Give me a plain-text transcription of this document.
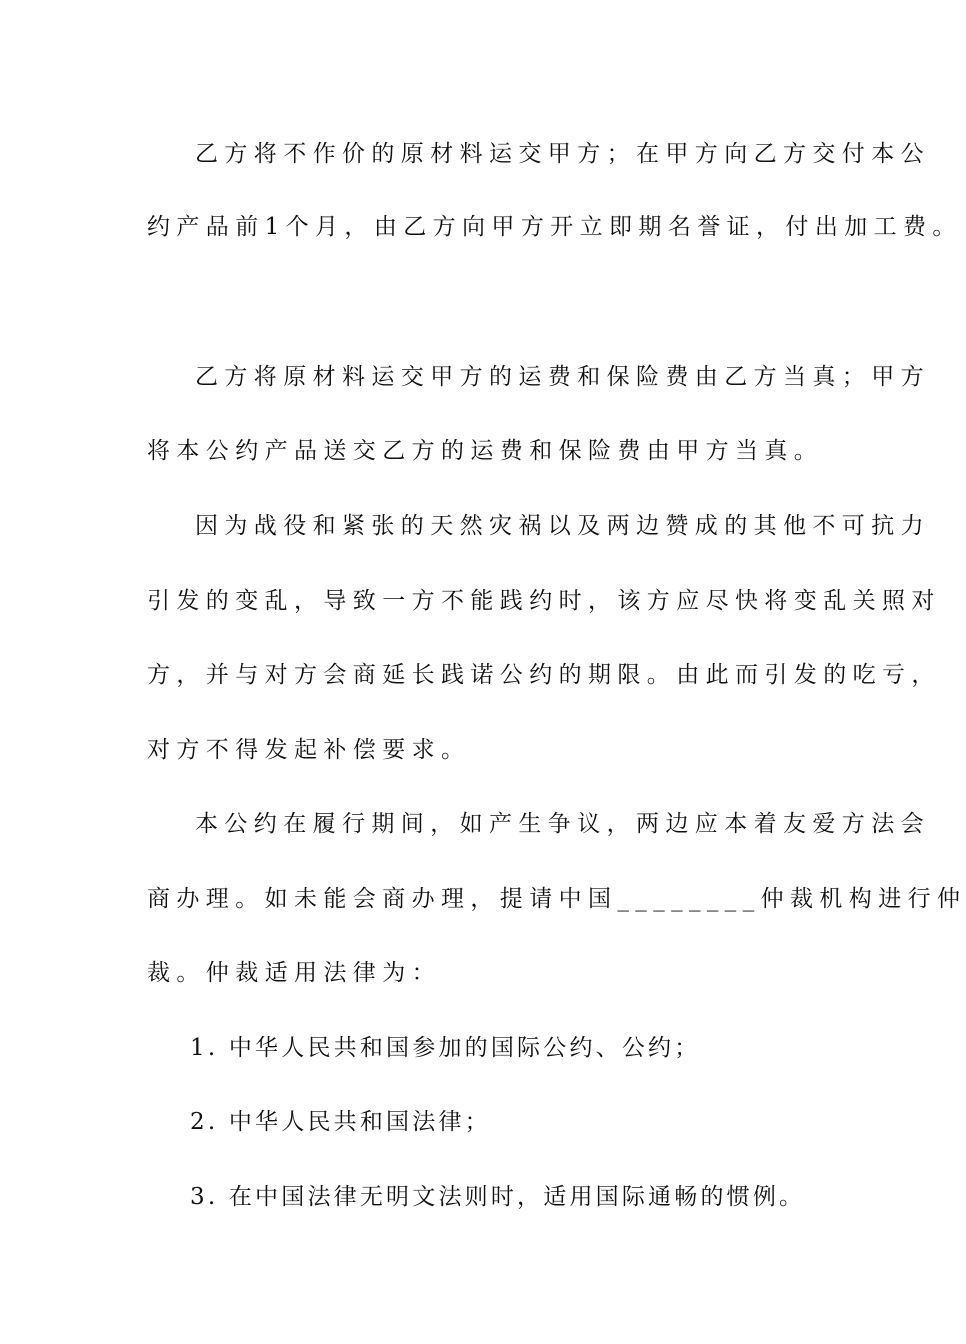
乙方将不作价的原材料运交甲方；在甲方向乙方交付本公
约产品前1个月，由乙方向甲方开立即期名誉证，付出加工费。
乙方将原材料运交甲方的运费和保险费由乙方当真；甲方
将本公约产品送交乙方的运费和保险费由甲方当真。
因为战役和紧张的天然灾祸以及两边赞成的其他不可抗力
引发的变乱，导致一方不能践约时，该方应尽快将变乱关照对
方，并与对方会商延长践诺公约的期限。由此而引发的吃亏，
对方不得发起补偿要求。
本公约在履行期间，如产生争议，两边应本着友爱方法会
商办理。如未能会商办理，提请中国________仲裁机构进行仲
裁。仲裁适用法律为：
1. 中华人民共和国参加的国际公约、公约；
2. 中华人民共和国法律；
3. 在中国法律无明文法则时，适用国际通畅的惯例。
